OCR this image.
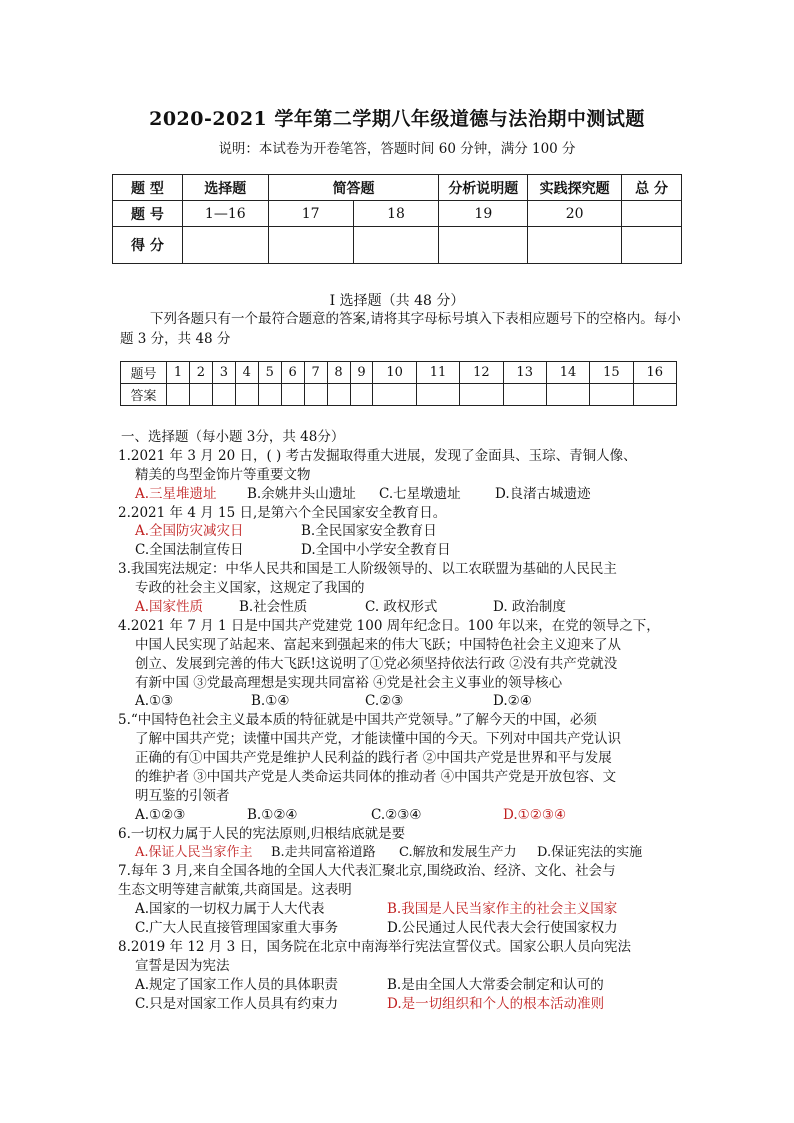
2020-2021 学年第二学期八年级道德与法治期中测试题
说明：本试卷为开卷笔答，答题时间 60 分钟，满分 100 分
题 型	选择题	简答题		分析说明题	实践探究题	总 分
题 号	1—16	17	18	19	20	
得 分						
Ⅰ 选择题（共 48 分）
下列各题只有一个最符合题意的答案,请将其字母标号填入下表相应题号下的空格内。每小题 3 分，共 48 分
题号	1	2	3	4	5	6	7	8	9	10	11	12	13	14	15	16
答案																
一、选择题（每小题 3分，共 48分）
1.2021 年 3 月 20 日，( ) 考古发掘取得重大进展，发现了金面具、玉琮、青铜人像、
精美的鸟型金饰片等重要文物
A.三星堆遗址 B.余姚井头山遗址 C.七星墩遗址	D.良渚古城遗迹
2.2021 年 4 月 15 日,是第六个全民国家安全教育日。
A.全国防灾减灾日	B.全民国家安全教育日
C.全国法制宣传日	D.全国中小学安全教育日
3.我国宪法规定：中华人民共和国是工人阶级领导的、以工农联盟为基础的人民民主
专政的社会主义国家，这规定了我国的
A.国家性质	B.社会性质	C. 政权形式	D. 政治制度
4.2021 年 7 月 1 日是中国共产党建党 100 周年纪念日。100 年以来，在党的领导之下，
中国人民实现了站起来、富起来到强起来的伟大飞跃；中国特色社会主义迎来了从
创立、发展到完善的伟大飞跃!这说明了①党必须坚持依法行政 ②没有共产党就没
有新中国 ③党最高理想是实现共同富裕 ④党是社会主义事业的领导核心
A.①③	B.①④	C.②③	D.②④
5.“中国特色社会主义最本质的特征就是中国共产党领导。”了解今天的中国，必须
了解中国共产党；读懂中国共产党，才能读懂中国的今天。下列对中国共产党认识
正确的有①中国共产党是维护人民利益的践行者 ②中国共产党是世界和平与发展
的维护者 ③中国共产党是人类命运共同体的推动者 ④中国共产党是开放包容、文
明互鉴的引领者
A.①②③	B.①②④	C.②③④	D.①②③④
6.一切权力属于人民的宪法原则,归根结底就是要
A.保证人民当家作主 B.走共同富裕道路 C.解放和发展生产力 D.保证宪法的实施
7.每年 3 月,来自全国各地的全国人大代表汇聚北京,围绕政治、经济、文化、社会与
生态文明等建言献策,共商国是。这表明
A.国家的一切权力属于人大代表	B.我国是人民当家作主的社会主义国家
C.广大人民直接管理国家重大事务	D.公民通过人民代表大会行使国家权力
8.2019 年 12 月 3 日，国务院在北京中南海举行宪法宣誓仪式。国家公职人员向宪法
宣誓是因为宪法
A.规定了国家工作人员的具体职责	B.是由全国人大常委会制定和认可的
C.只是对国家工作人员具有约束力	D.是一切组织和个人的根本活动准则
